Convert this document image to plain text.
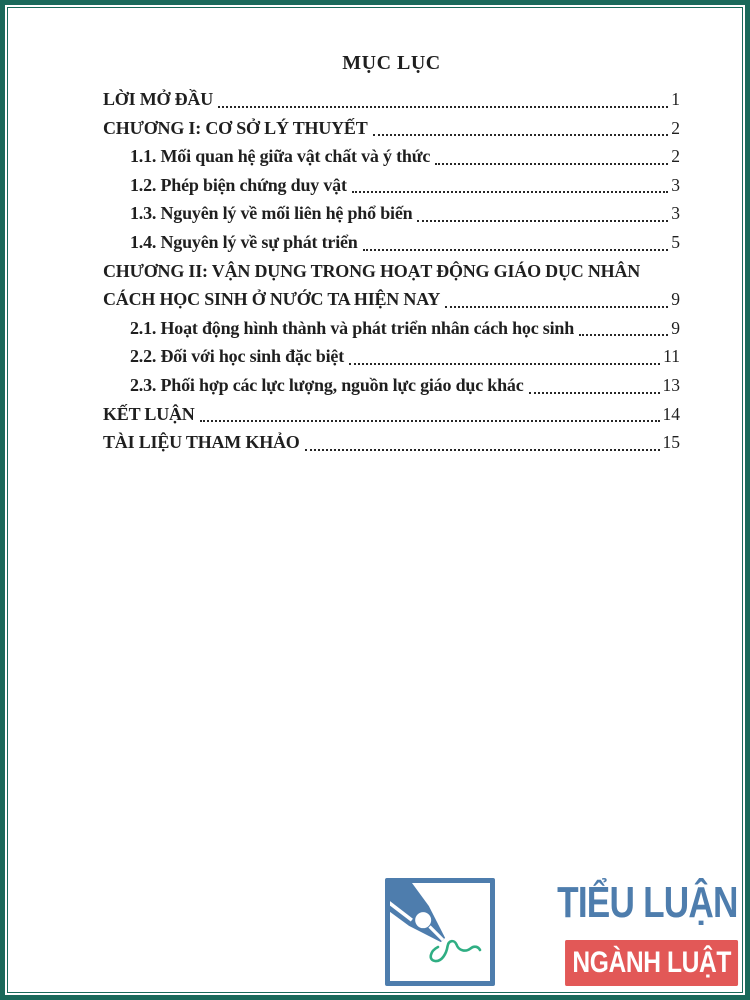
MỤC LỤC
LỜI MỞ ĐẦU	1
CHƯƠNG I: CƠ SỞ LÝ THUYẾT	2
1.1. Mối quan hệ giữa vật chất và ý thức	2
1.2. Phép biện chứng duy vật	3
1.3. Nguyên lý về mối liên hệ phổ biến	3
1.4. Nguyên lý về sự phát triển	5
CHƯƠNG II: VẬN DỤNG TRONG HOẠT ĐỘNG GIÁO DỤC NHÂN
CÁCH HỌC SINH Ở NƯỚC TA HIỆN NAY	9
2.1. Hoạt động hình thành và phát triển nhân cách học sinh	9
2.2. Đối với học sinh đặc biệt	11
2.3. Phối hợp các lực lượng, nguồn lực giáo dục khác	13
KẾT LUẬN	14
TÀI LIỆU THAM KHẢO	15
TIỂU LUẬN
NGÀNH LUẬT
